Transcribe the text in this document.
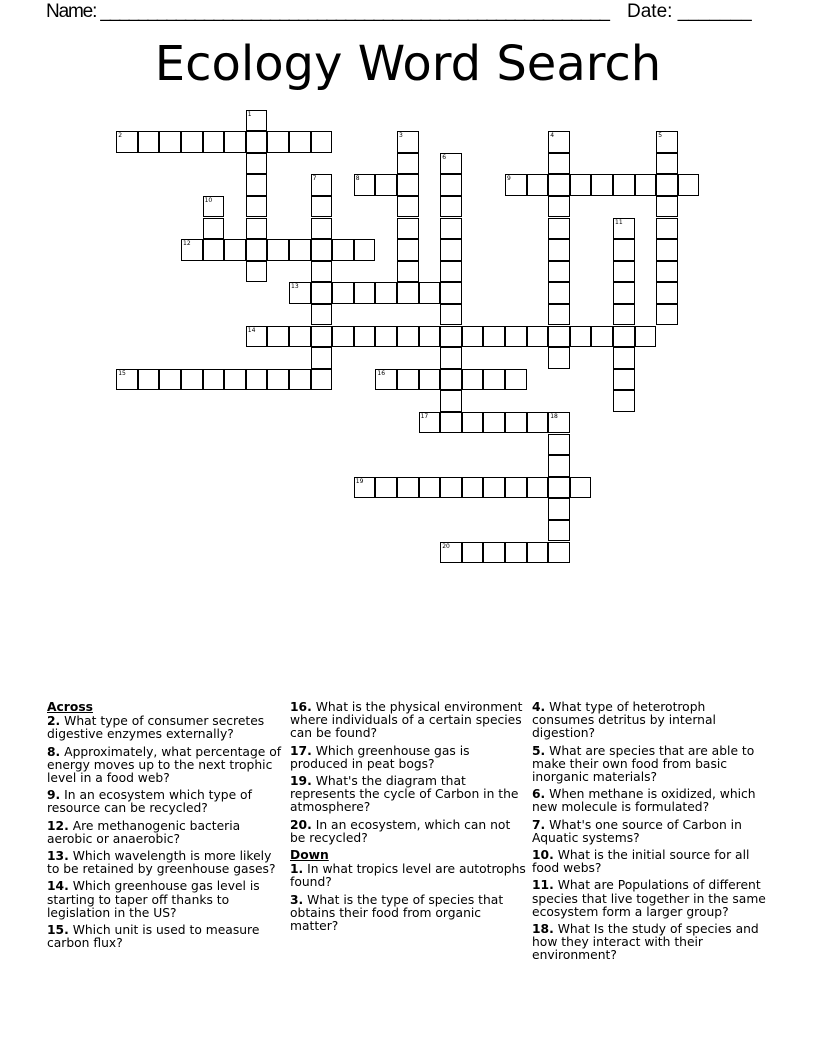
Name: ______________________________________________________ Date: _______
Ecology Word Search
1
2	3	4	5
6
7	8	9
10
11
12
13
14
15	16
17	18
19
20
Across
2. What type of consumer secretes digestive enzymes externally?
8. Approximately, what percentage of energy moves up to the next trophic level in a food web?
9. In an ecosystem which type of resource can be recycled?
12. Are methanogenic bacteria aerobic or anaerobic?
13. Which wavelength is more likely to be retained by greenhouse gases?
14. Which greenhouse gas level is starting to taper off thanks to legislation in the US?
15. Which unit is used to measure carbon flux?
16. What is the physical environment where individuals of a certain species can be found?
17. Which greenhouse gas is produced in peat bogs?
19. What's the diagram that represents the cycle of Carbon in the atmosphere?
20. In an ecosystem, which can not be recycled?
Down
1. In what tropics level are autotrophs found?
3. What is the type of species that obtains their food from organic matter?
4. What type of heterotroph consumes detritus by internal digestion?
5. What are species that are able to make their own food from basic inorganic materials?
6. When methane is oxidized, which new molecule is formulated?
7. What's one source of Carbon in Aquatic systems?
10. What is the initial source for all food webs?
11. What are Populations of different species that live together in the same ecosystem form a larger group?
18. What Is the study of species and how they interact with their environment?
